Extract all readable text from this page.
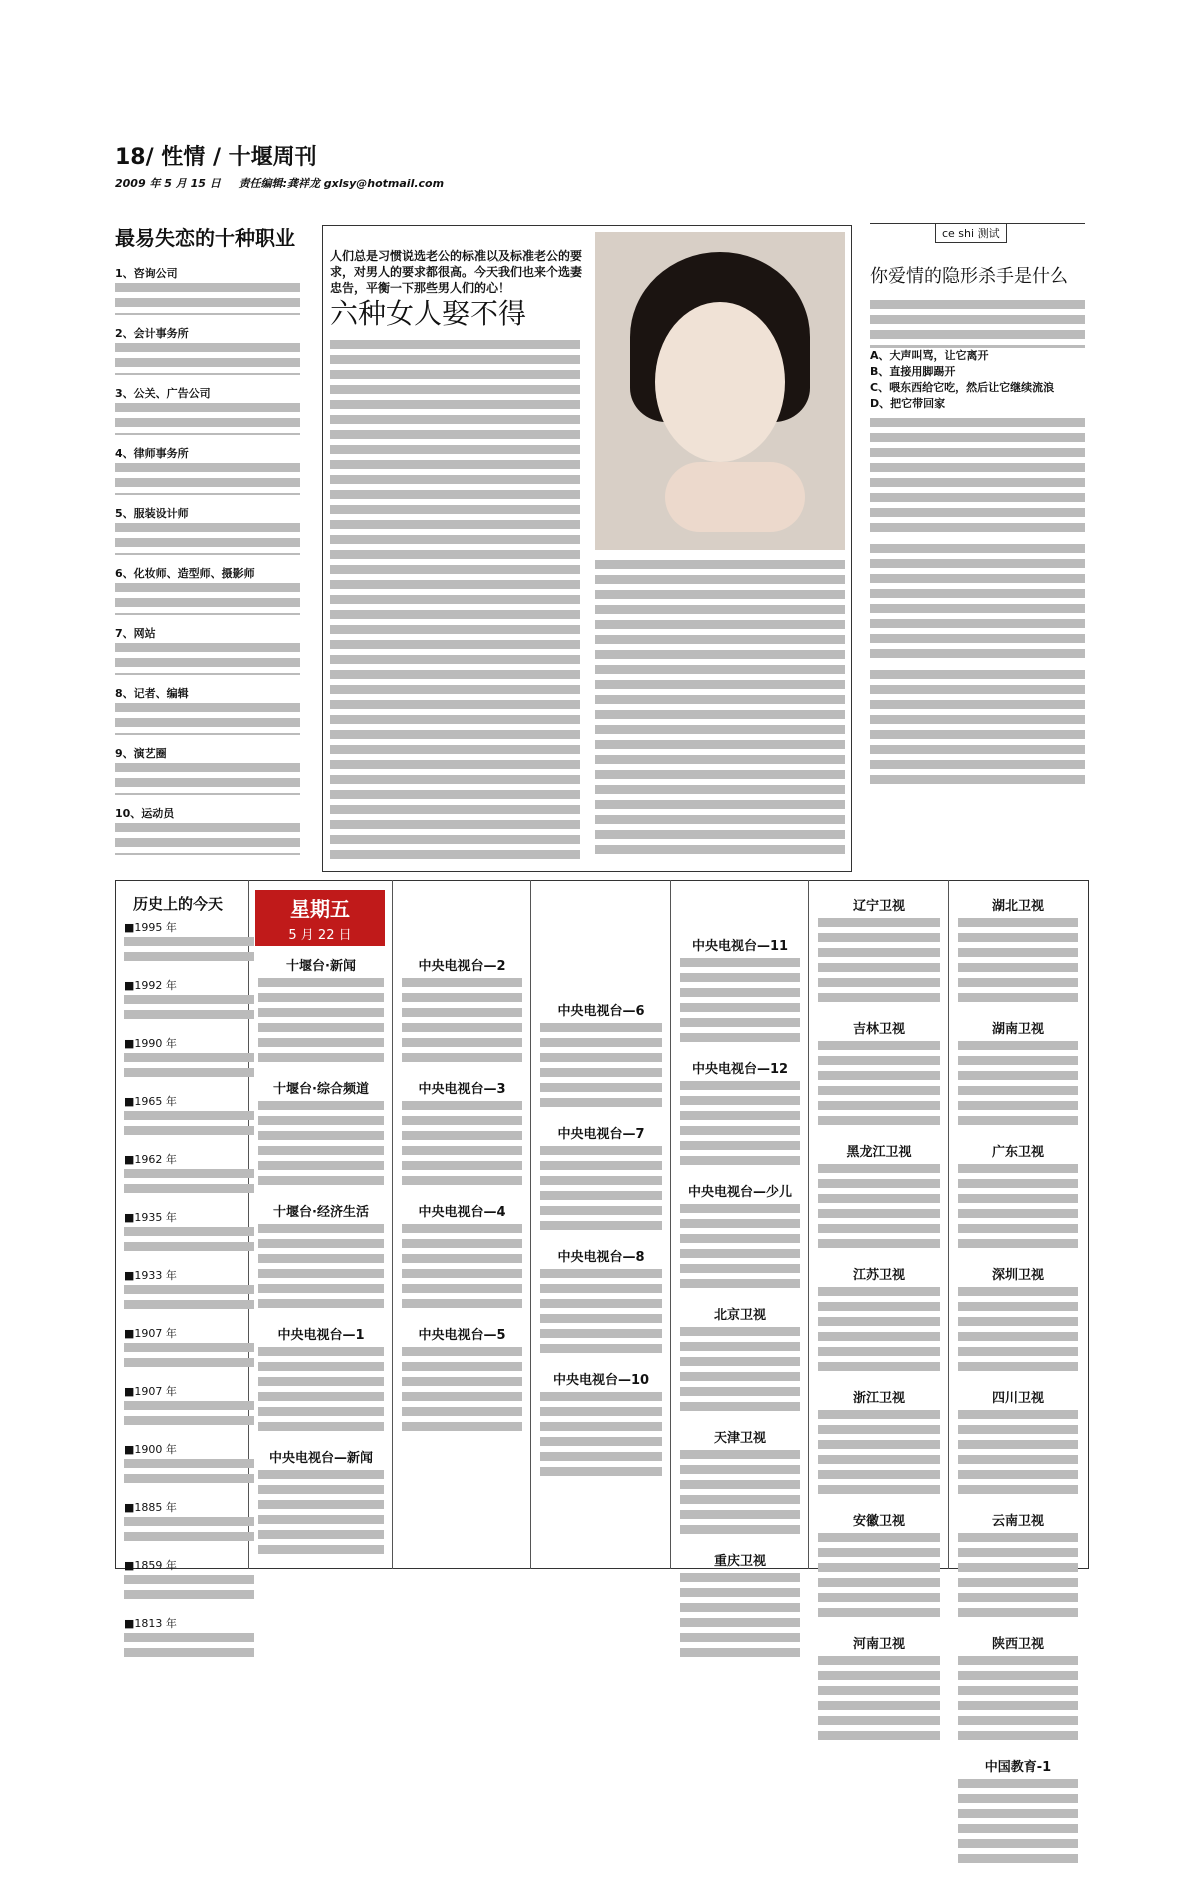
18/ 性情 / 十堰周刊
2009 年 5 月 15 日 责任编辑:龚祥龙 gxlsy@hotmail.com
最易失恋的十种职业
1、咨询公司
2、会计事务所
3、公关、广告公司
4、律师事务所
5、服装设计师
6、化妆师、造型师、摄影师
7、网站
8、记者、编辑
9、演艺圈
10、运动员
人们总是习惯说选老公的标准以及标准老公的要求，对男人的要求都很高。今天我们也来个选妻忠告，平衡一下那些男人们的心！
六种女人娶不得
ce shi 测试
你爱情的隐形杀手是什么
A、大声叫骂，让它离开
B、直接用脚踢开
C、喂东西给它吃，然后让它继续流浪
D、把它带回家
历史上的今天
■1995 年
■1992 年
■1990 年
■1965 年
■1962 年
■1935 年
■1933 年
■1907 年
■1907 年
■1900 年
■1885 年
■1859 年
■1813 年
星期五
5 月 22 日
十堰台·新闻
十堰台·综合频道
十堰台·经济生活
中央电视台—1
中央电视台—新闻
中央电视台—2
中央电视台—3
中央电视台—4
中央电视台—5
中央电视台—6
中央电视台—7
中央电视台—8
中央电视台—10
中央电视台—11
中央电视台—12
中央电视台—少儿
北京卫视
天津卫视
重庆卫视
辽宁卫视
吉林卫视
黑龙江卫视
江苏卫视
浙江卫视
安徽卫视
河南卫视
湖北卫视
湖南卫视
广东卫视
深圳卫视
四川卫视
云南卫视
陕西卫视
中国教育-1
